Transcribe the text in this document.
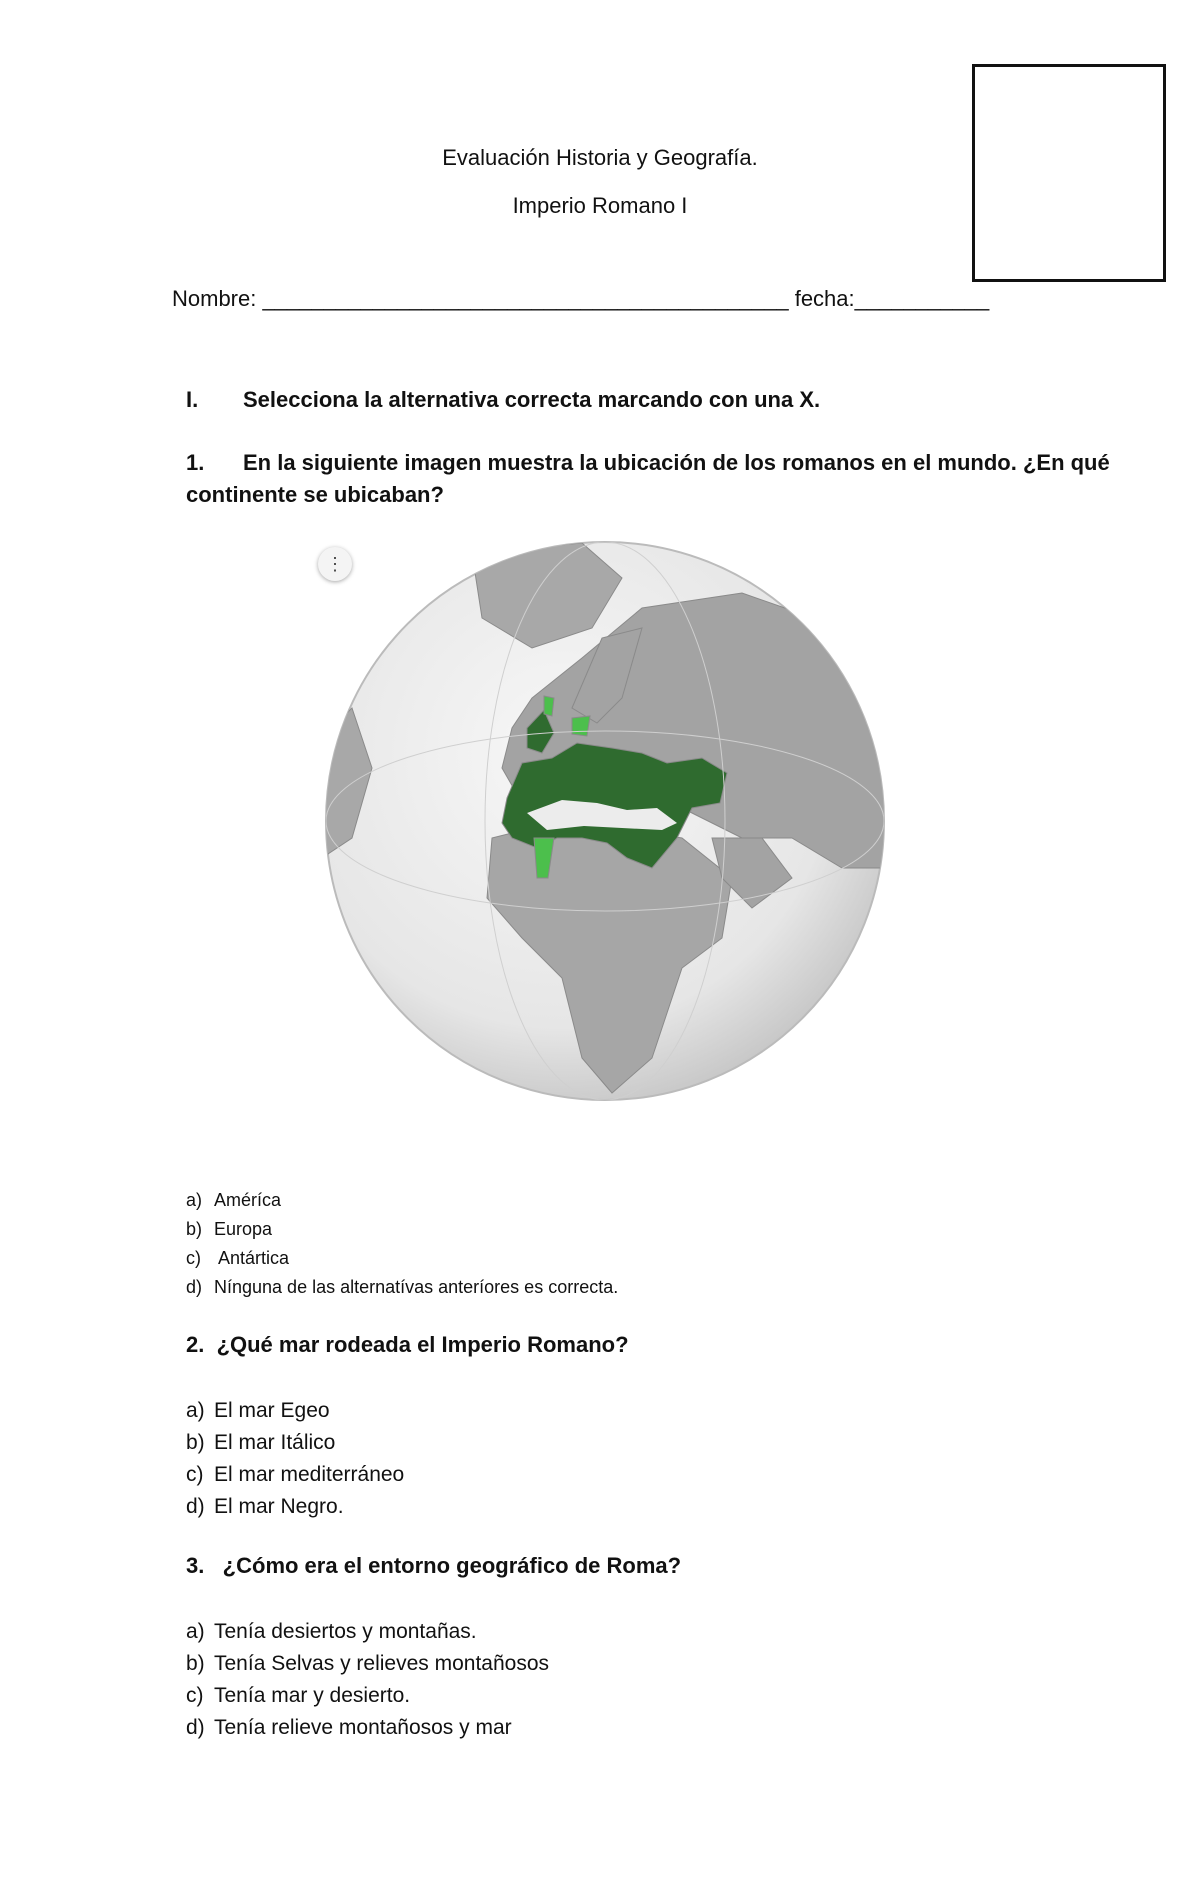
Evaluación Historia y Geografía.
Imperio Romano I
Nombre: ___________________________________________ fecha:___________
I. Selecciona la alternativa correcta marcando con una X.
1. En la siguiente imagen muestra la ubicación de los romanos en el mundo. ¿En qué
continente se ubicaban?
⋮
a) Améríca
b) Europa
c) Antártica
d) Nínguna de las alternatívas anteríores es correcta.
2.  ¿Qué mar rodeada el Imperio Romano?
a) El mar Egeo
b) El mar Itálico
c) El mar mediterráneo
d) El mar Negro.
3.   ¿Cómo era el entorno geográfico de Roma?
a) Tenía desiertos y montañas.
b) Tenía Selvas y relieves montañosos
c) Tenía mar y desierto.
d) Tenía relieve montañosos y mar
